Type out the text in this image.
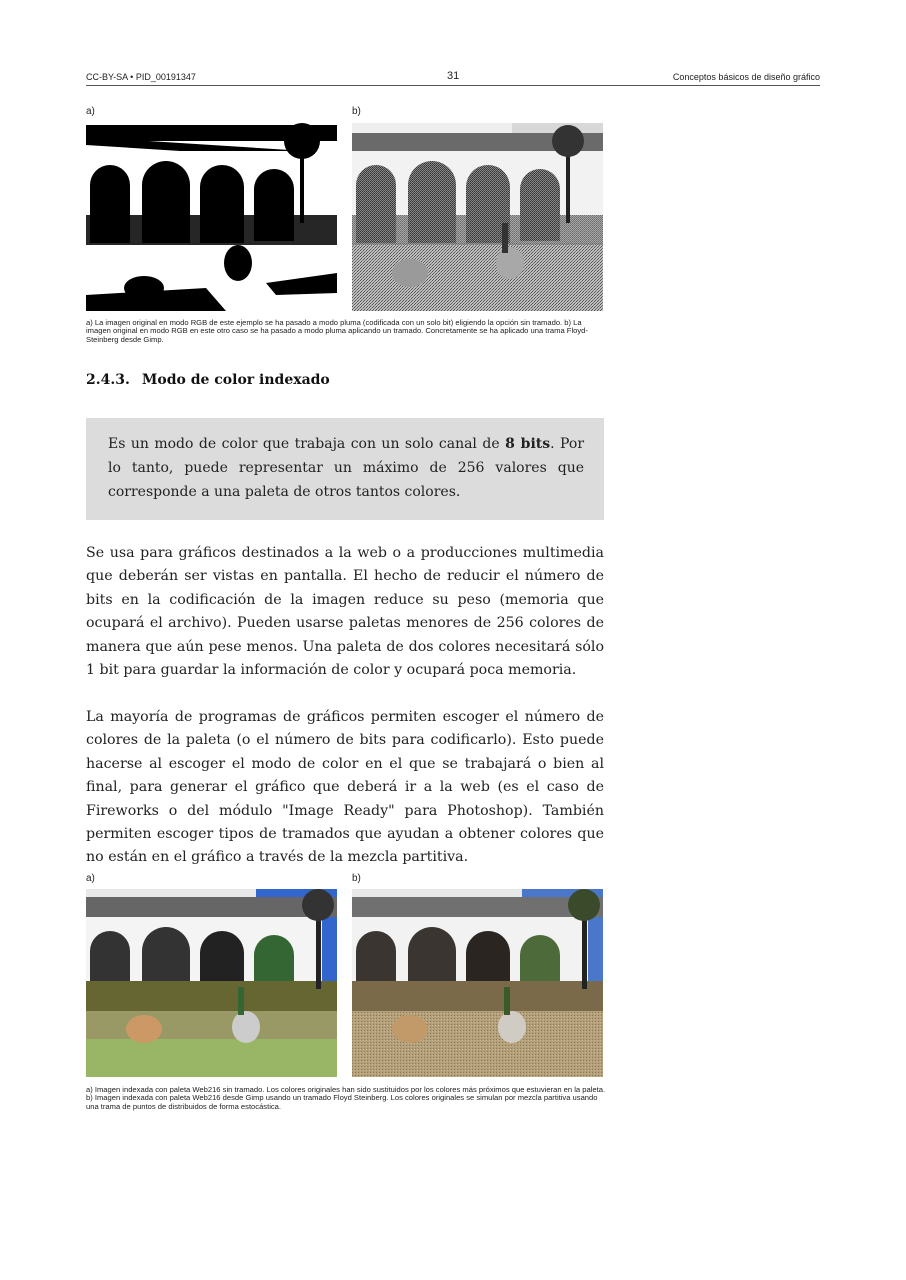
CC-BY-SA • PID_00191347	31	Conceptos básicos de diseño gráfico
a)	b)

a) La imagen original en modo RGB de este ejemplo se ha pasado a modo pluma (codificada con un solo bit) eligiendo la opción sin tramado. b) La imagen original en modo RGB en este otro caso se ha pasado a modo pluma aplicando un tramado. Concretamente se ha aplicado una trama Floyd-Steinberg desde Gimp.

2.4.3. Modo de color indexado

Es un modo de color que trabaja con un solo canal de 8 bits. Por lo tanto, puede representar un máximo de 256 valores que corresponde a una paleta de otros tantos colores.

Se usa para gráficos destinados a la web o a producciones multimedia que deberán ser vistas en pantalla. El hecho de reducir el número de bits en la codificación de la imagen reduce su peso (memoria que ocupará el archivo). Pueden usarse paletas menores de 256 colores de manera que aún pese menos. Una paleta de dos colores necesitará sólo 1 bit para guardar la información de color y ocupará poca memoria.

La mayoría de programas de gráficos permiten escoger el número de colores de la paleta (o el número de bits para codificarlo). Esto puede hacerse al escoger el modo de color en el que se trabajará o bien al final, para generar el gráfico que deberá ir a la web (es el caso de Fireworks o del módulo "Image Ready" para Photoshop). También permiten escoger tipos de tramados que ayudan a obtener colores que no están en el gráfico a través de la mezcla partitiva.

a)	b)

a) Imagen indexada con paleta Web216 sin tramado. Los colores originales han sido sustituidos por los colores más próximos que estuvieran en la paleta. b) Imagen indexada con paleta Web216 desde Gimp usando un tramado Floyd Steinberg. Los colores originales se simulan por mezcla partitiva usando una trama de puntos de distribuidos de forma estocástica.
